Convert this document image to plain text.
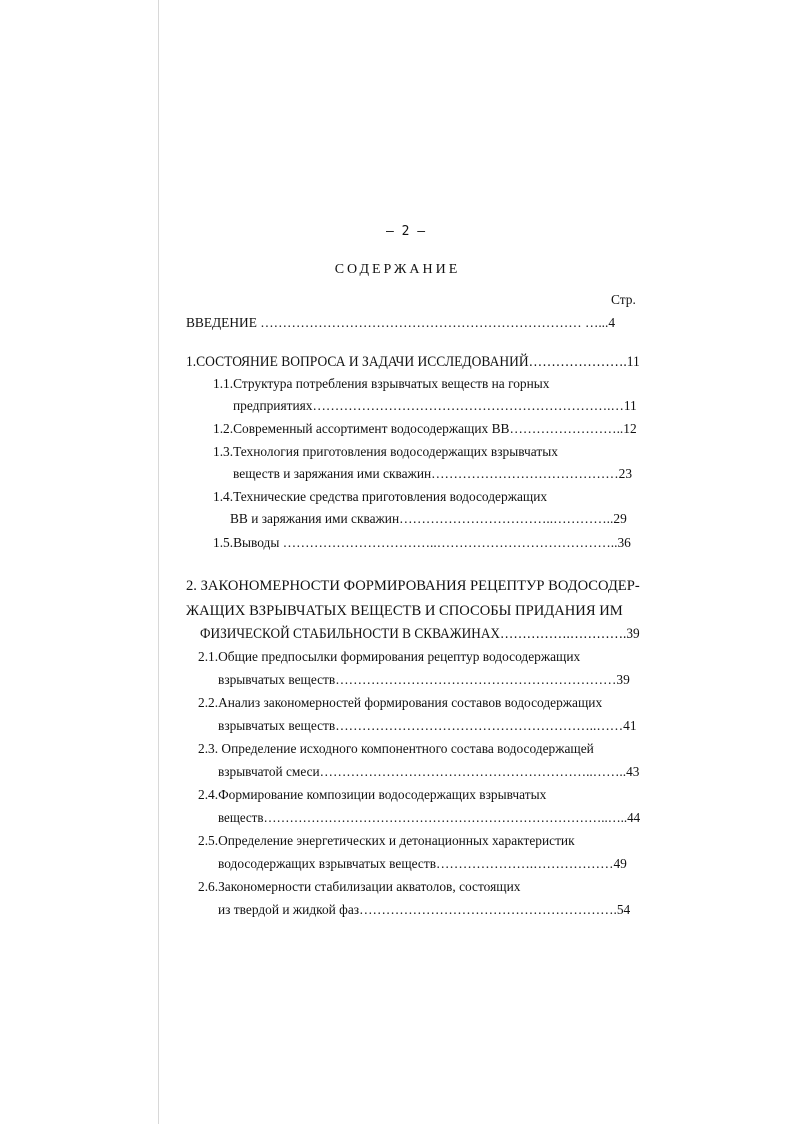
– 2 –
СОДЕРЖАНИЕ
Стр.
ВВЕДЕНИЕ ……………………………………………………………… …...4
1.СОСТОЯНИЕ ВОПРОСА И ЗАДАЧИ ИССЛЕДОВАНИЙ………………….11
1.1.Структура потребления взрывчатых веществ на горных
предприятиях………………………………………………………….…11
1.2.Современный ассортимент водосодержащих ВВ……………………..12
1.3.Технология приготовления водосодержащих взрывчатых
веществ и заряжания ими скважин……………………………………23
1.4.Технические средства приготовления водосодержащих
ВВ и заряжания ими скважин……………………………..…………..29
1.5.Выводы ……………………………..…………………………………..36
2. ЗАКОНОМЕРНОСТИ ФОРМИРОВАНИЯ РЕЦЕПТУР ВОДОСОДЕР-
ЖАЩИХ ВЗРЫВЧАТЫХ ВЕЩЕСТВ И СПОСОБЫ ПРИДАНИЯ ИМ
ФИЗИЧЕСКОЙ СТАБИЛЬНОСТИ В СКВАЖИНАХ…………….………….39
2.1.Общие предпосылки формирования рецептур водосодержащих
взрывчатых веществ………………………………………………………39
2.2.Анализ закономерностей формирования составов водосодержащих
взрывчатых веществ…………………………………………………..……41
2.3. Определение исходного компонентного состава водосодержащей
взрывчатой смеси……………………………………………………..……..43
2.4.Формирование композиции водосодержащих взрывчатых
веществ……………………………………………………………………..…..44
2.5.Определение энергетических и детонационных характеристик
водосодержащих взрывчатых веществ………………….………………49
2.6.Закономерности стабилизации акватолов, состоящих
из твердой и жидкой фаз………………………………………………….54
